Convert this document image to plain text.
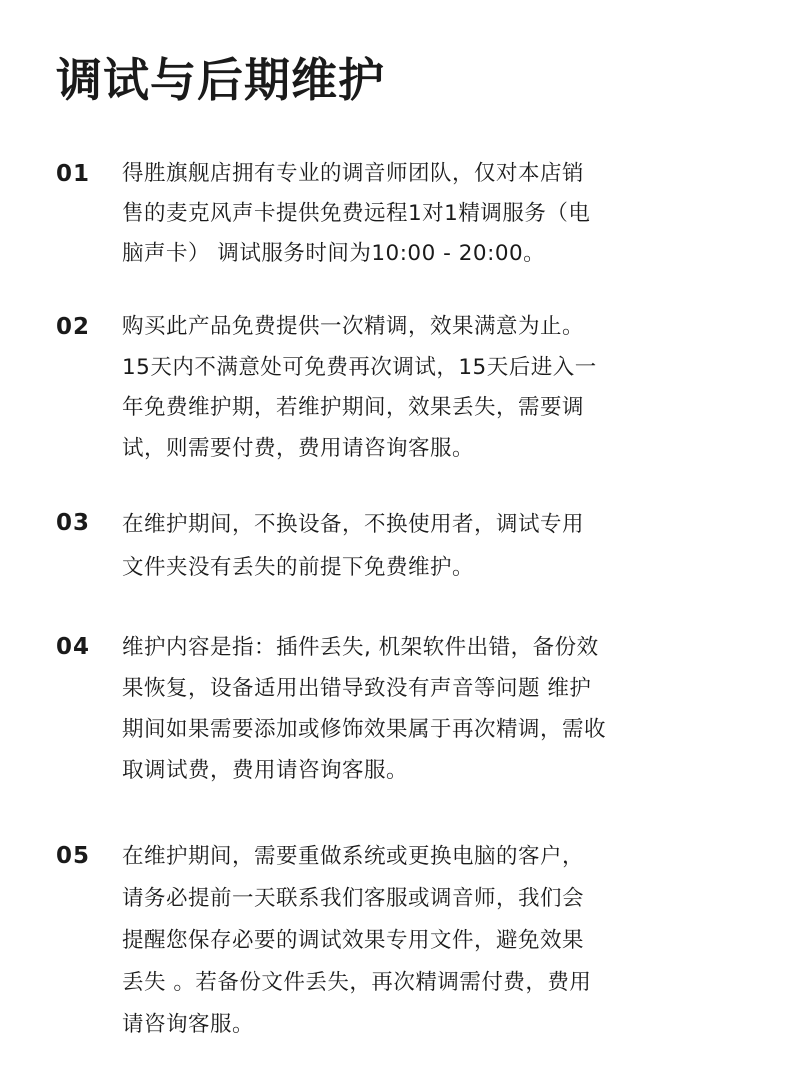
调试与后期维护
01 得胜旗舰店拥有专业的调音师团队，仅对本店销
售的麦克风声卡提供免费远程1对1精调服务（电
脑声卡） 调试服务时间为10:00 - 20:00。
02 购买此产品免费提供一次精调，效果满意为止。
15天内不满意处可免费再次调试，15天后进入一
年免费维护期，若维护期间，效果丢失，需要调
试，则需要付费，费用请咨询客服。
03 在维护期间，不换设备，不换使用者，调试专用
文件夹没有丢失的前提下免费维护。
04 维护内容是指：插件丢失, 机架软件出错，备份效
果恢复，设备适用出错导致没有声音等问题 维护
期间如果需要添加或修饰效果属于再次精调，需收
取调试费，费用请咨询客服。
05 在维护期间，需要重做系统或更换电脑的客户，
请务必提前一天联系我们客服或调音师，我们会
提醒您保存必要的调试效果专用文件，避免效果
丢失 。若备份文件丢失，再次精调需付费，费用
请咨询客服。
